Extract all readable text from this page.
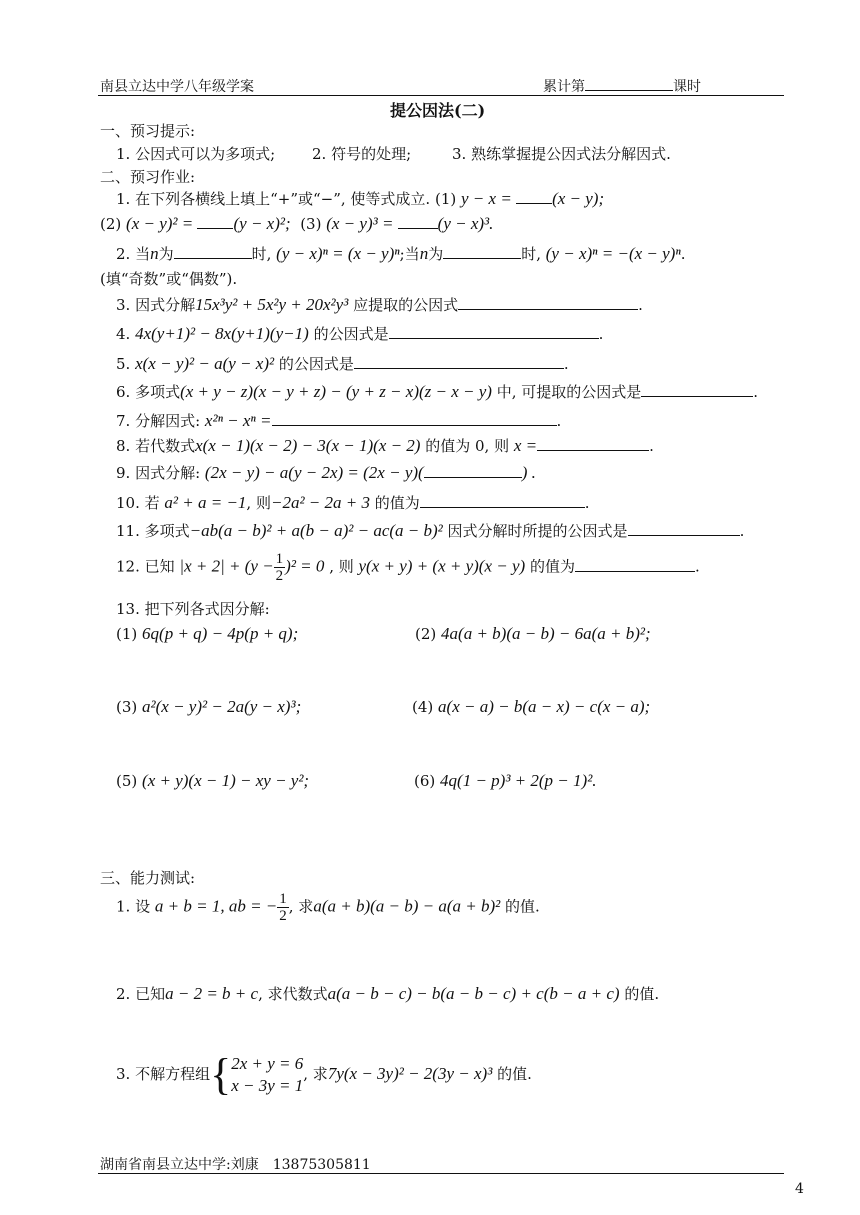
南县立达中学八年级学案	累计第	课时
提公因法(二)
一、预习提示:
1. 公因式可以为多项式; 2. 符号的处理;	3. 熟练掌握提公因式法分解因式.
二、预习作业:
1. 在下列各横线上填上“+”或“−”, 使等式成立. (1) y − x = (x − y);
(2) (x − y)² = (y − x)²; (3) (x − y)³ = (y − x)³.
2. 当n为	时, (y − x)ⁿ = (x − y)ⁿ;当n为	时, (y − x)ⁿ = −(x − y)ⁿ.
(填“奇数”或“偶数”).
3. 因式分解15x³y² + 5x²y + 20x²y³ 应提取的公因式	.
4. 4x(y+1)² − 8x(y+1)(y−1) 的公因式是	.
5. x(x − y)² − a(y − x)² 的公因式是	.
6. 多项式(x + y − z)(x − y + z) − (y + z − x)(z − x − y) 中, 可提取的公因式是	.
7. 分解因式: x²ⁿ − xⁿ =	.
8. 若代数式x(x − 1)(x − 2) − 3(x − 1)(x − 2) 的值为 0, 则 x =	.
9. 因式分解: (2x − y) − a(y − 2x) = (2x − y)(	) .
10. 若 a² + a = −1, 则−2a² − 2a + 3 的值为	.
11. 多项式−ab(a − b)² + a(b − a)² − ac(a − b)² 因式分解时所提的公因式是	.
12. 已知 $|x + 2| + (y - \frac{1}{2} )^2 = 0$ , 则 y(x + y) + (x + y)(x − y) 的值为	.
13. 把下列各式因分解:
(1) 6q(p + q) − 4p(p + q);	(2) 4a(a + b)(a − b) − 6a(a + b)²;
(3) a²(x − y)² − 2a(y − x)³;	(4) a(x − a) − b(a − x) − c(x − a);
(5) (x + y)(x − 1) − xy − y²;	(6) 4q(1 − p)³ + 2(p − 1)².
三、能力测试:
1. 设 a + b = 1, ab = − $\frac{1}{2}$ , 求a(a + b)(a − b) − a(a + b)² 的值.
2. 已知a − 2 = b + c, 求代数式a(a − b − c) − b(a − b − c) + c(b − a + c) 的值.
3. 不解方程组{ 2x + y = 6
x − 3y = 1
, 求7y(x − 3y)² − 2(3y − x)³ 的值.
湖南省南县立达中学:刘康　13875305811
4
